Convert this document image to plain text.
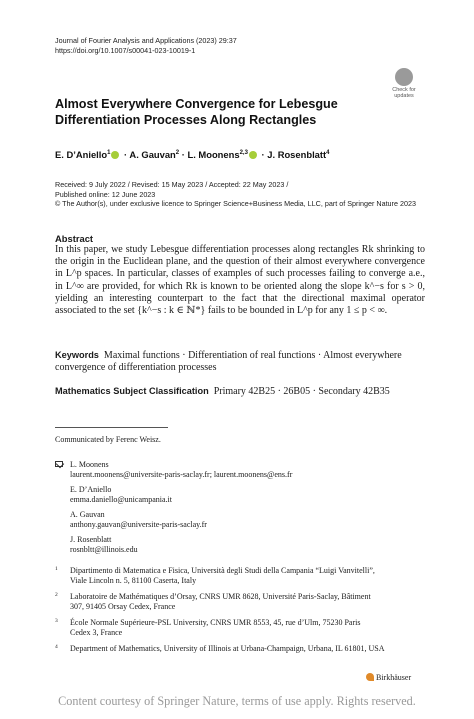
Journal of Fourier Analysis and Applications (2023) 29:37
https://doi.org/10.1007/s00041-023-10019-1
Check for
updates
Almost Everywhere Convergence for Lebesgue
Differentiation Processes Along Rectangles
E. D’Aniello$^1$ · A. Gauvan$^2$ · L. Moonens$^{2,3}$ · J. Rosenblatt$^4$
Received: 9 July 2022 / Revised: 15 May 2023 / Accepted: 22 May 2023 /
Published online: 12 June 2023
© The Author(s), under exclusive licence to Springer Science+Business Media, LLC, part of Springer Nature 2023
Abstract
In this paper, we study Lebesgue differentiation processes along rectangles Rk shrinking to the origin in the Euclidean plane, and the question of their almost everywhere convergence in L^p spaces. In particular, classes of examples of such processes failing to converge a.e., in L^∞ are provided, for which Rk is known to be oriented along the slope k^−s for s > 0, yielding an interesting counterpart to the fact that the directional maximal operator associated to the set {k^−s : k ∈ ℕ*} fails to be bounded in L^p for any 1 ≤ p < ∞.
Keywords Maximal functions · Differentiation of real functions · Almost everywhere convergence of differentiation processes
Mathematics Subject Classification Primary 42B25 · 26B05 · Secondary 42B35
Communicated by Ferenc Weisz.
L. Moonens
laurent.moonens@universite-paris-saclay.fr; laurent.moonens@ens.fr
E. D’Aniello
emma.daniello@unicampania.it
A. Gauvan
anthony.gauvan@universite-paris-saclay.fr
J. Rosenblatt
rosnbltt@illinois.edu
1 Dipartimento di Matematica e Fisica, Università degli Studi della Campania “Luigi Vanvitelli”,
Viale Lincoln n. 5, 81100 Caserta, Italy
2 Laboratoire de Mathématiques d’Orsay, CNRS UMR 8628, Université Paris-Saclay, Bâtiment
307, 91405 Orsay Cedex, France
3 École Normale Supérieure-PSL University, CNRS UMR 8553, 45, rue d’Ulm, 75230 Paris
Cedex 3, France
4 Department of Mathematics, University of Illinois at Urbana-Champaign, Urbana, IL 61801, USA
Birkhäuser
Content courtesy of Springer Nature, terms of use apply. Rights reserved.
